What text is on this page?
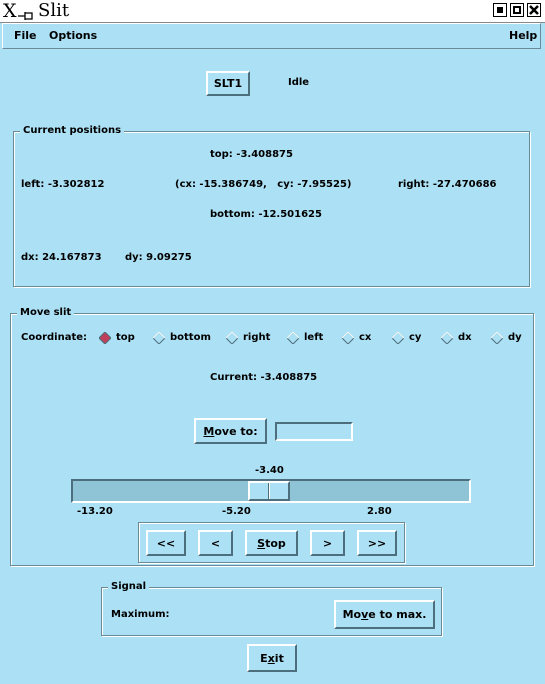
X Slit
File Options	Help
SLT1	Idle
Current positions
top: -3.408875
left: -3.302812	(cx: -15.386749,   cy: -7.95525)	right: -27.470686
bottom: -12.501625
dx: 24.167873 dy: 9.09275
Move slit
Coordinate:	top	bottom	right	left	cx	cy	dx	dy
Current: -3.408875
M ove to:
-3.40
-13.20	-5.20	2.80
<<	<	S top	>	>>
Signal
Maximum:	Mo v e to max.
E x it
